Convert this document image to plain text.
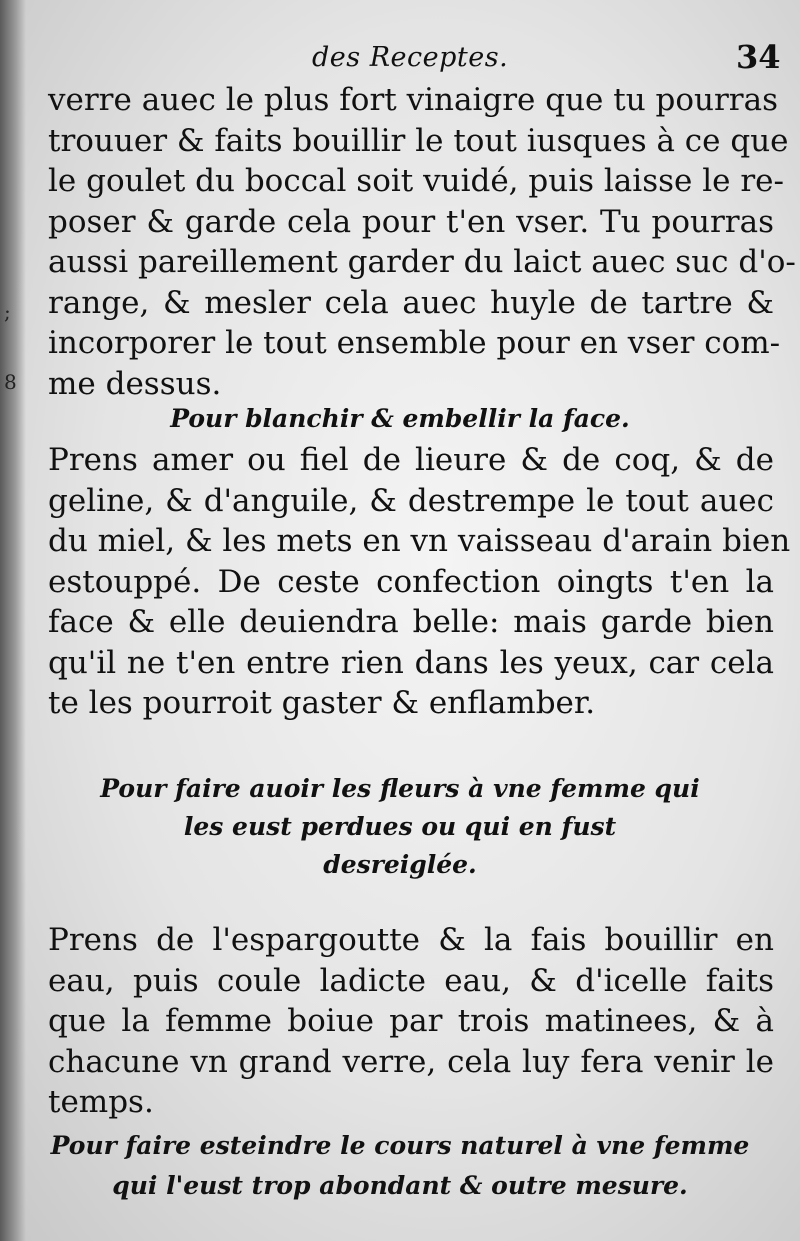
;
8
des Receptes.	34
verre auec le plus fort vinaigre que tu pourras
trouuer & faits bouillir le tout iusques à ce que
le goulet du boccal soit vuidé, puis laisse le re-
poser & garde cela pour t'en vser. Tu pourras
aussi pareillement garder du laict auec suc d'o-
range, & mesler cela auec huyle de tartre &
incorporer le tout ensemble pour en vser com-
me dessus.
Pour blanchir & embellir la face.
Prens amer ou fiel de lieure & de coq, & de
geline, & d'anguile, & destrempe le tout auec
du miel, & les mets en vn vaisseau d'arain bien
estouppé. De ceste confection oingts t'en la
face & elle deuiendra belle: mais garde bien
qu'il ne t'en entre rien dans les yeux, car cela
te les pourroit gaster & enflamber.
Pour faire auoir les fleurs à vne femme qui
les eust perdues ou qui en fust
desreiglée.
Prens de l'espargoutte & la fais bouillir en
eau, puis coule ladicte eau, & d'icelle faits
que la femme boiue par trois matinees, & à
chacune vn grand verre, cela luy fera venir le
temps.
Pour faire esteindre le cours naturel à vne femme
qui l'eust trop abondant & outre mesure.
